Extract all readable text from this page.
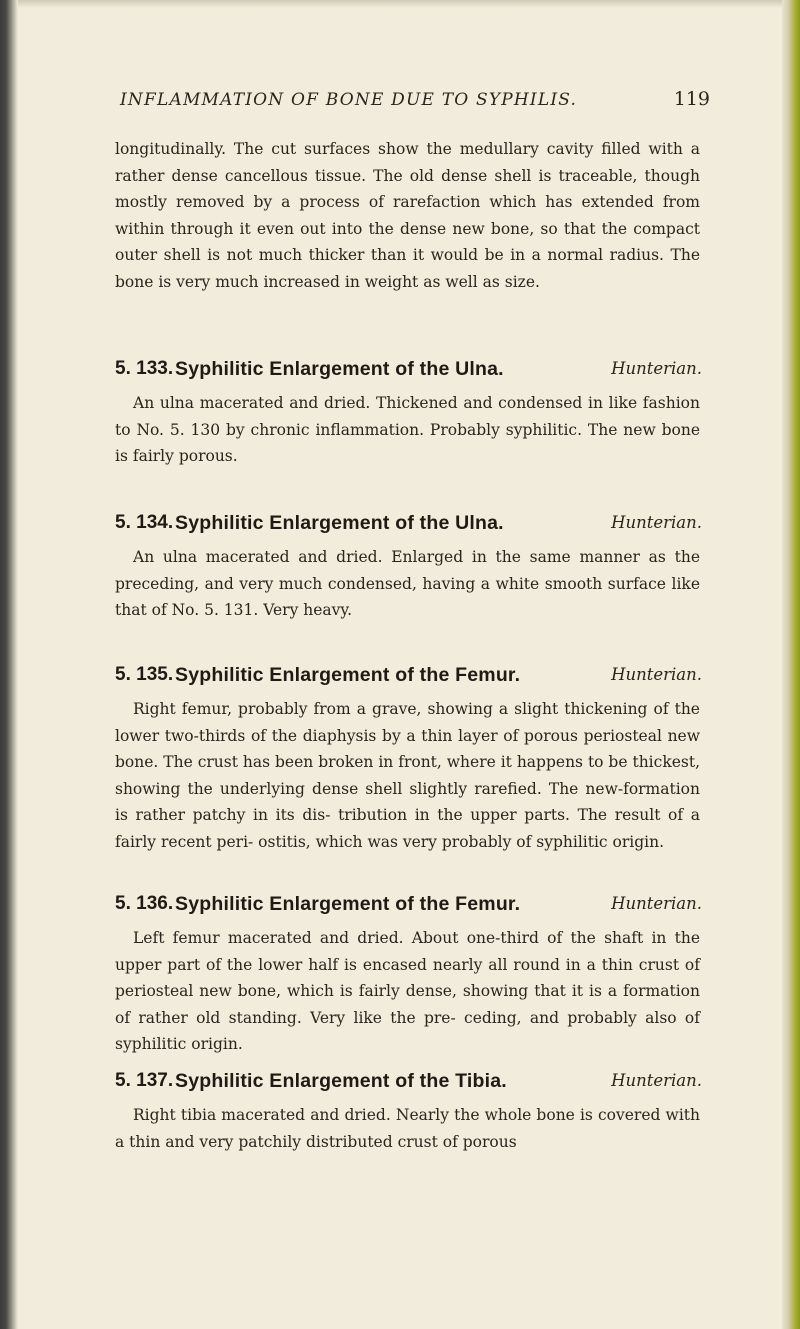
INFLAMMATION OF BONE DUE TO SYPHILIS.	119
longitudinally. The cut surfaces show the medullary cavity filled with a rather dense cancellous tissue. The old dense shell is traceable, though mostly removed by a process of rarefaction which has extended from within through it even out into the dense new bone, so that the compact outer shell is not much thicker than it would be in a normal radius. The bone is very much increased in weight as well as size.
5. 133. Syphilitic Enlargement of the Ulna.	Hunterian.
An ulna macerated and dried. Thickened and condensed in like fashion to No. 5. 130 by chronic inflammation. Probably syphilitic. The new bone is fairly porous.
5. 134. Syphilitic Enlargement of the Ulna.	Hunterian.
An ulna macerated and dried. Enlarged in the same manner as the preceding, and very much condensed, having a white smooth surface like that of No. 5. 131. Very heavy.
5. 135. Syphilitic Enlargement of the Femur.	Hunterian.
Right femur, probably from a grave, showing a slight thickening of the lower two-thirds of the diaphysis by a thin layer of porous periosteal new bone. The crust has been broken in front, where it happens to be thickest, showing the underlying dense shell slightly rarefied. The new-formation is rather patchy in its dis- tribution in the upper parts. The result of a fairly recent peri- ostitis, which was very probably of syphilitic origin.
5. 136. Syphilitic Enlargement of the Femur.	Hunterian.
Left femur macerated and dried. About one-third of the shaft in the upper part of the lower half is encased nearly all round in a thin crust of periosteal new bone, which is fairly dense, showing that it is a formation of rather old standing. Very like the pre- ceding, and probably also of syphilitic origin.
5. 137. Syphilitic Enlargement of the Tibia.	Hunterian.
Right tibia macerated and dried. Nearly the whole bone is covered with a thin and very patchily distributed crust of porous
